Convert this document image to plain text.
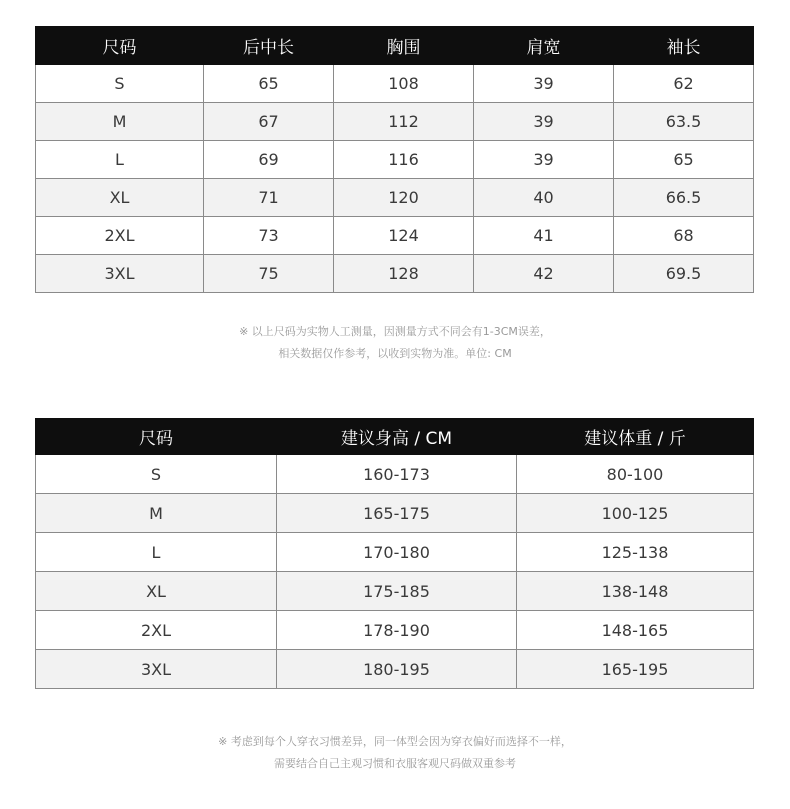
尺码	后中长	胸围	肩宽	袖长
S	65	108	39	62
M	67	112	39	63.5
L	69	116	39	65
XL	71	120	40	66.5
2XL	73	124	41	68
3XL	75	128	42	69.5
※ 以上尺码为实物人工测量，因测量方式不同会有1-3CM误差，
相关数据仅作参考，以收到实物为准。单位: CM
尺码	建议身高 / CM	建议体重 / 斤
S	160-173	80-100
M	165-175	100-125
L	170-180	125-138
XL	175-185	138-148
2XL	178-190	148-165
3XL	180-195	165-195
※ 考虑到每个人穿衣习惯差异，同一体型会因为穿衣偏好而选择不一样，
需要结合自己主观习惯和衣服客观尺码做双重参考
